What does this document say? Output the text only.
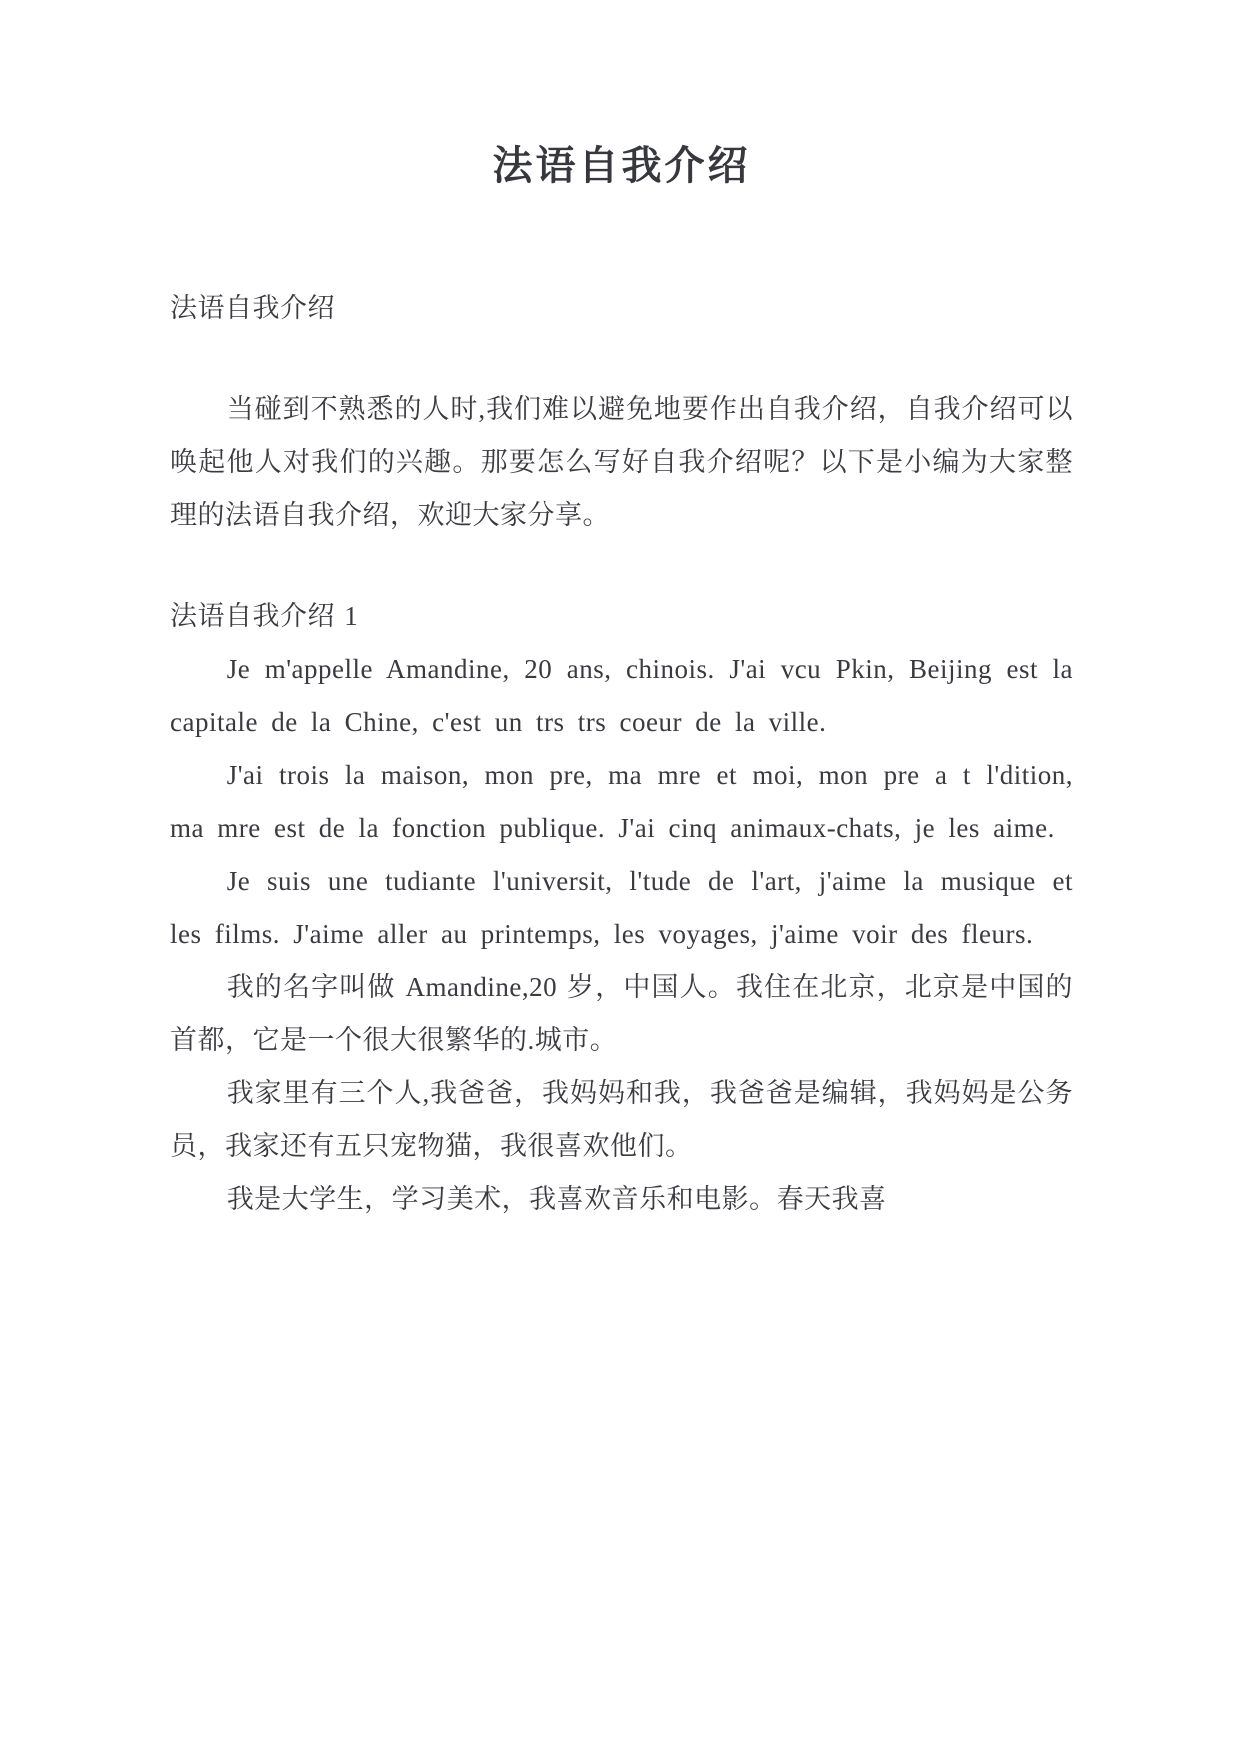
法语自我介绍

法语自我介绍

当碰到不熟悉的人时,我们难以避免地要作出自我介绍，自我介绍可以唤起他人对我们的兴趣。那要怎么写好自我介绍呢？以下是小编为大家整理的法语自我介绍，欢迎大家分享。

法语自我介绍 1

Je m'appelle Amandine, 20 ans, chinois. J'ai vcu Pkin, Beijing est la capitale de la Chine, c'est un trs trs coeur de la ville.

J'ai trois la maison, mon pre, ma mre et moi, mon pre a t l'dition, ma mre est de la fonction publique. J'ai cinq animaux-chats, je les aime.

Je suis une tudiante l'universit, l'tude de l'art, j'aime la musique et les films. J'aime aller au printemps, les voyages, j'aime voir des fleurs.

我的名字叫做 Amandine,20 岁，中国人。我住在北京，北京是中国的首都，它是一个很大很繁华的.城市。

我家里有三个人,我爸爸，我妈妈和我，我爸爸是编辑，我妈妈是公务员，我家还有五只宠物猫，我很喜欢他们。

我是大学生，学习美术，我喜欢音乐和电影。春天我喜
